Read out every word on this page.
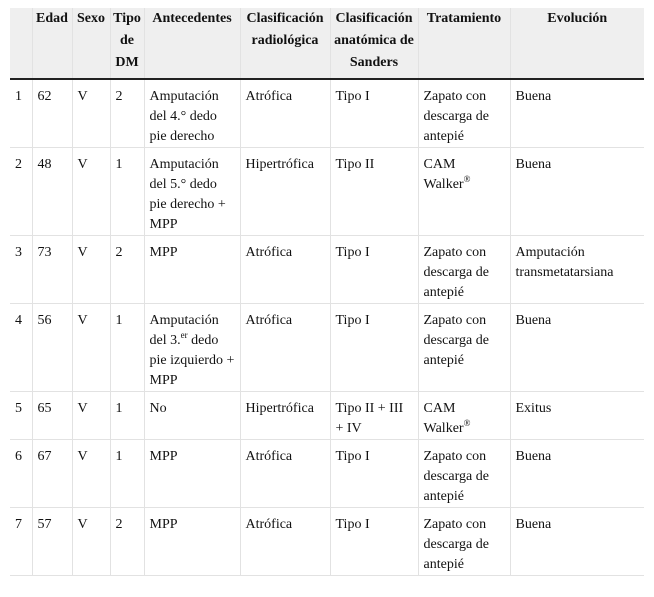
	Edad	Sexo	Tipo de DM	Antecedentes	Clasificación radiológica	Clasificación anatómica de Sanders	Tratamiento	Evolución
1	62	V	2	Amputación del 4.° dedo pie derecho	Atrófica	Tipo I	Zapato con descarga de antepié	Buena
2	48	V	1	Amputación del 5.° dedo pie derecho + MPP	Hipertrófica	Tipo II	CAM Walker®	Buena
3	73	V	2	MPP	Atrófica	Tipo I	Zapato con descarga de antepié	Amputación transmetatarsiana
4	56	V	1	Amputación del 3.$^{er}$ dedo pie izquierdo + MPP	Atrófica	Tipo I	Zapato con descarga de antepié	Buena
5	65	V	1	No	Hipertrófica	Tipo II + III + IV	CAM Walker®	Exitus
6	67	V	1	MPP	Atrófica	Tipo I	Zapato con descarga de antepié	Buena
7	57	V	2	MPP	Atrófica	Tipo I	Zapato con descarga de antepié	Buena
